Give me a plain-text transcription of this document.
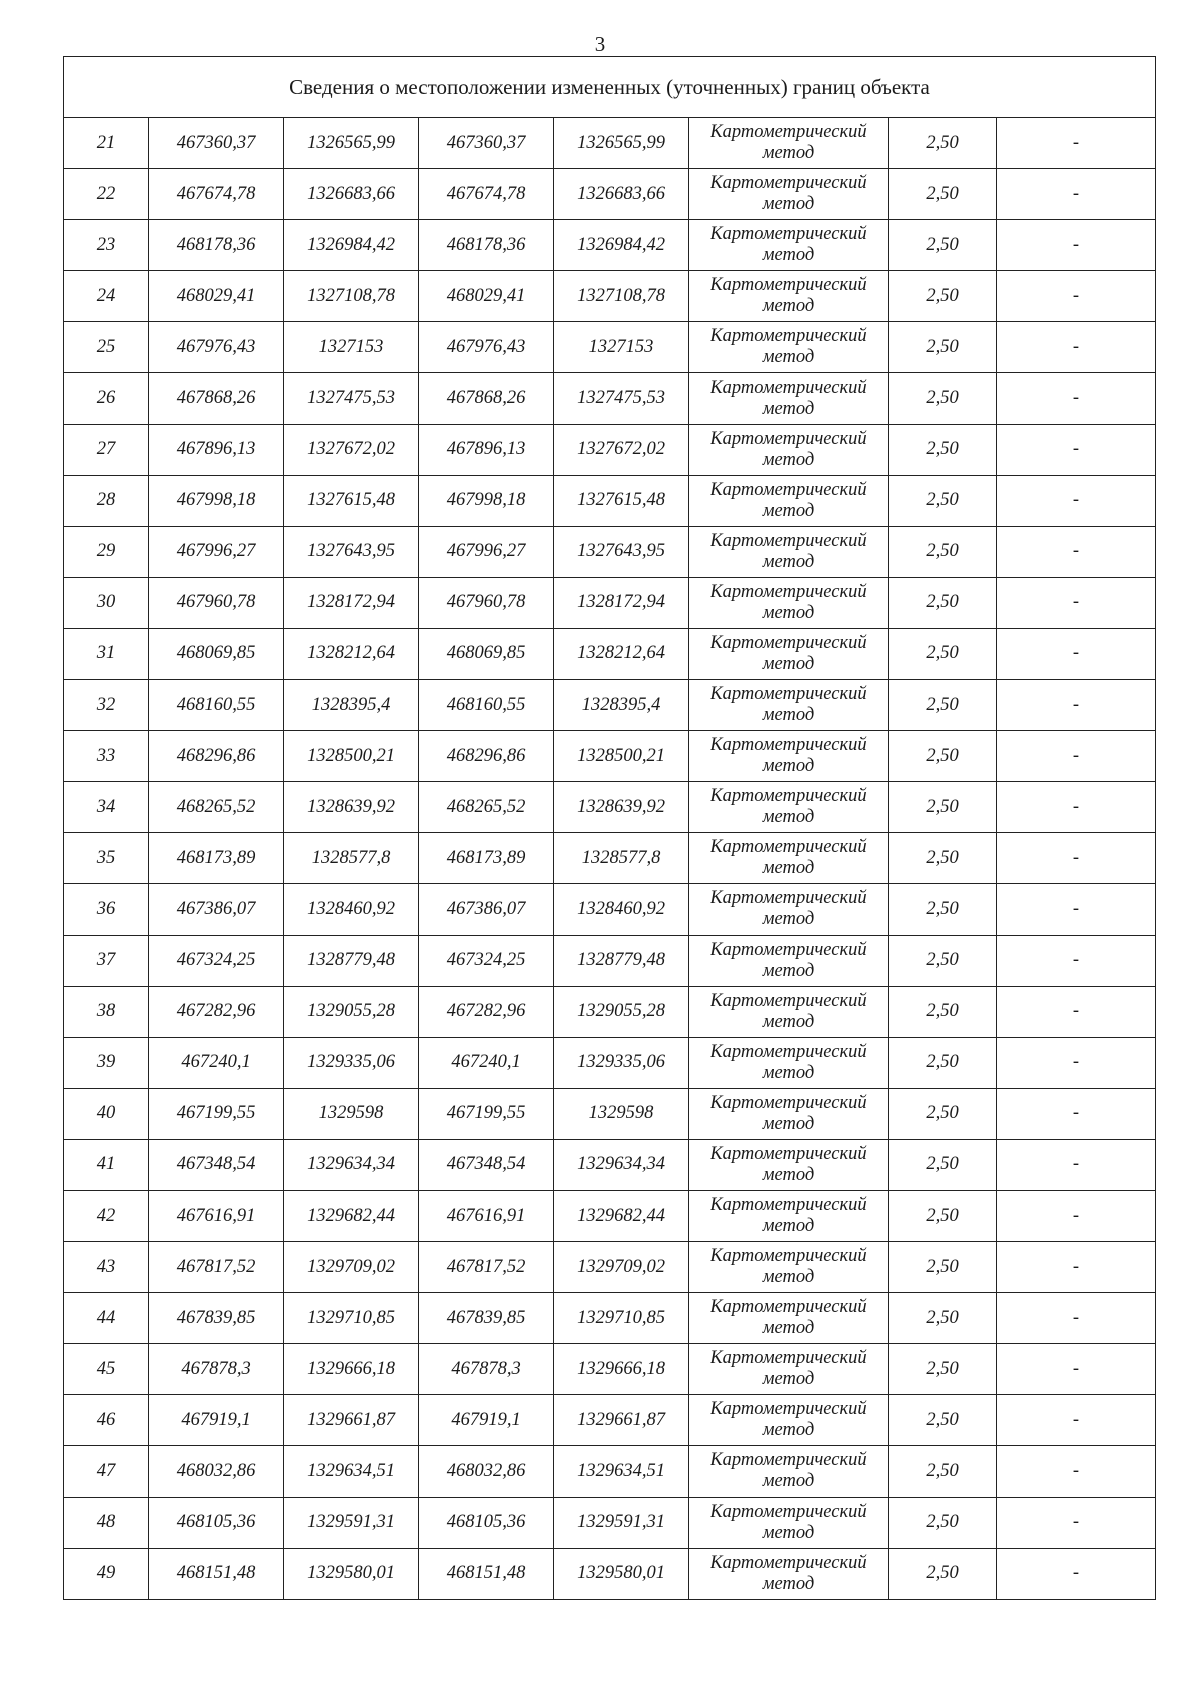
3
Сведения о местоположении измененных (уточненных) границ объекта							
21	467360,37	1326565,99	467360,37	1326565,99	Картометрический
метод	2,50	-
22	467674,78	1326683,66	467674,78	1326683,66	Картометрический
метод	2,50	-
23	468178,36	1326984,42	468178,36	1326984,42	Картометрический
метод	2,50	-
24	468029,41	1327108,78	468029,41	1327108,78	Картометрический
метод	2,50	-
25	467976,43	1327153	467976,43	1327153	Картометрический
метод	2,50	-
26	467868,26	1327475,53	467868,26	1327475,53	Картометрический
метод	2,50	-
27	467896,13	1327672,02	467896,13	1327672,02	Картометрический
метод	2,50	-
28	467998,18	1327615,48	467998,18	1327615,48	Картометрический
метод	2,50	-
29	467996,27	1327643,95	467996,27	1327643,95	Картометрический
метод	2,50	-
30	467960,78	1328172,94	467960,78	1328172,94	Картометрический
метод	2,50	-
31	468069,85	1328212,64	468069,85	1328212,64	Картометрический
метод	2,50	-
32	468160,55	1328395,4	468160,55	1328395,4	Картометрический
метод	2,50	-
33	468296,86	1328500,21	468296,86	1328500,21	Картометрический
метод	2,50	-
34	468265,52	1328639,92	468265,52	1328639,92	Картометрический
метод	2,50	-
35	468173,89	1328577,8	468173,89	1328577,8	Картометрический
метод	2,50	-
36	467386,07	1328460,92	467386,07	1328460,92	Картометрический
метод	2,50	-
37	467324,25	1328779,48	467324,25	1328779,48	Картометрический
метод	2,50	-
38	467282,96	1329055,28	467282,96	1329055,28	Картометрический
метод	2,50	-
39	467240,1	1329335,06	467240,1	1329335,06	Картометрический
метод	2,50	-
40	467199,55	1329598	467199,55	1329598	Картометрический
метод	2,50	-
41	467348,54	1329634,34	467348,54	1329634,34	Картометрический
метод	2,50	-
42	467616,91	1329682,44	467616,91	1329682,44	Картометрический
метод	2,50	-
43	467817,52	1329709,02	467817,52	1329709,02	Картометрический
метод	2,50	-
44	467839,85	1329710,85	467839,85	1329710,85	Картометрический
метод	2,50	-
45	467878,3	1329666,18	467878,3	1329666,18	Картометрический
метод	2,50	-
46	467919,1	1329661,87	467919,1	1329661,87	Картометрический
метод	2,50	-
47	468032,86	1329634,51	468032,86	1329634,51	Картометрический
метод	2,50	-
48	468105,36	1329591,31	468105,36	1329591,31	Картометрический
метод	2,50	-
49	468151,48	1329580,01	468151,48	1329580,01	Картометрический
метод	2,50	-
